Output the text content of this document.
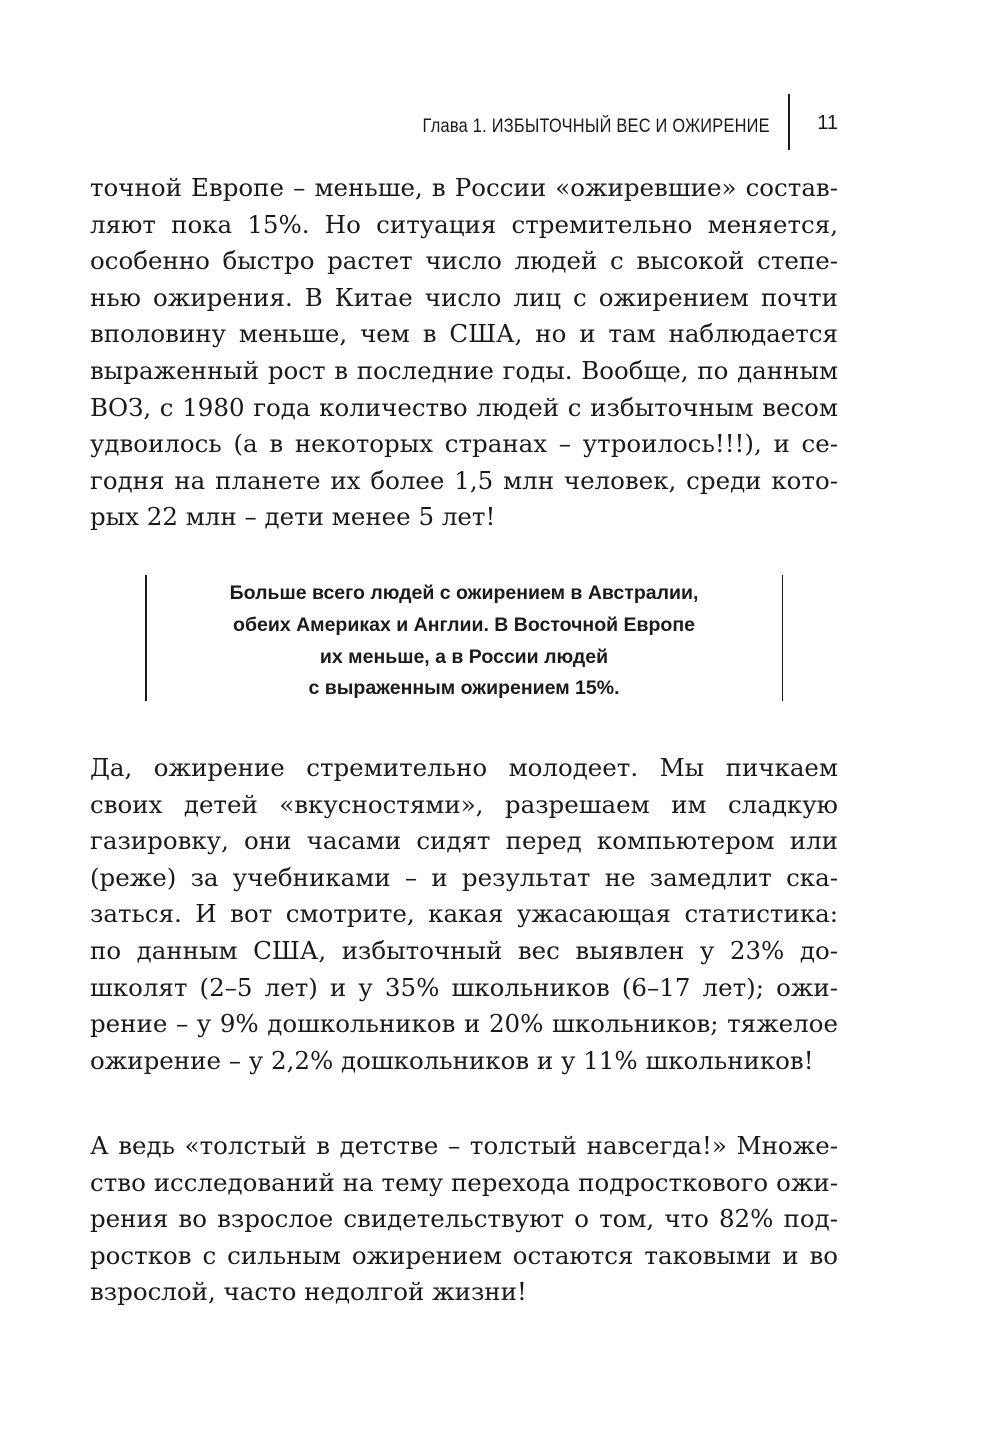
Глава 1. ИЗБЫТОЧНЫЙ ВЕС И ОЖИРЕНИЕ 11

точной Европе – меньше, в России «ожиревшие» составляют пока 15%. Но ситуация стремительно меняется, особенно быстро растет число людей с высокой степенью ожирения. В Китае число лиц с ожирением почти вполовину меньше, чем в США, но и там наблюдается выраженный рост в последние годы. Вообще, по данным ВОЗ, с 1980 года количество людей с избыточным весом удвоилось (а в некоторых странах – утроилось!!!), и сегодня на планете их более 1,5 млн человек, среди которых 22 млн – дети менее 5 лет!

Больше всего людей с ожирением в Австралии,
обеих Америках и Англии. В Восточной Европе
их меньше, а в России людей
с выраженным ожирением 15%.

Да, ожирение стремительно молодеет. Мы пичкаем своих детей «вкусностями», разрешаем им сладкую газировку, они часами сидят перед компьютером или (реже) за учебниками – и результат не замедлит сказаться. И вот смотрите, какая ужасающая статистика: по данным США, избыточный вес выявлен у 23% дошколят (2–5 лет) и у 35% школьников (6–17 лет); ожирение – у 9% дошкольников и 20% школьников; тяжелое ожирение – у 2,2% дошкольников и у 11% школьников!

А ведь «толстый в детстве – толстый навсегда!» Множество исследований на тему перехода подросткового ожирения во взрослое свидетельствуют о том, что 82% подростков с сильным ожирением остаются таковыми и во взрослой, часто недолгой жизни!
